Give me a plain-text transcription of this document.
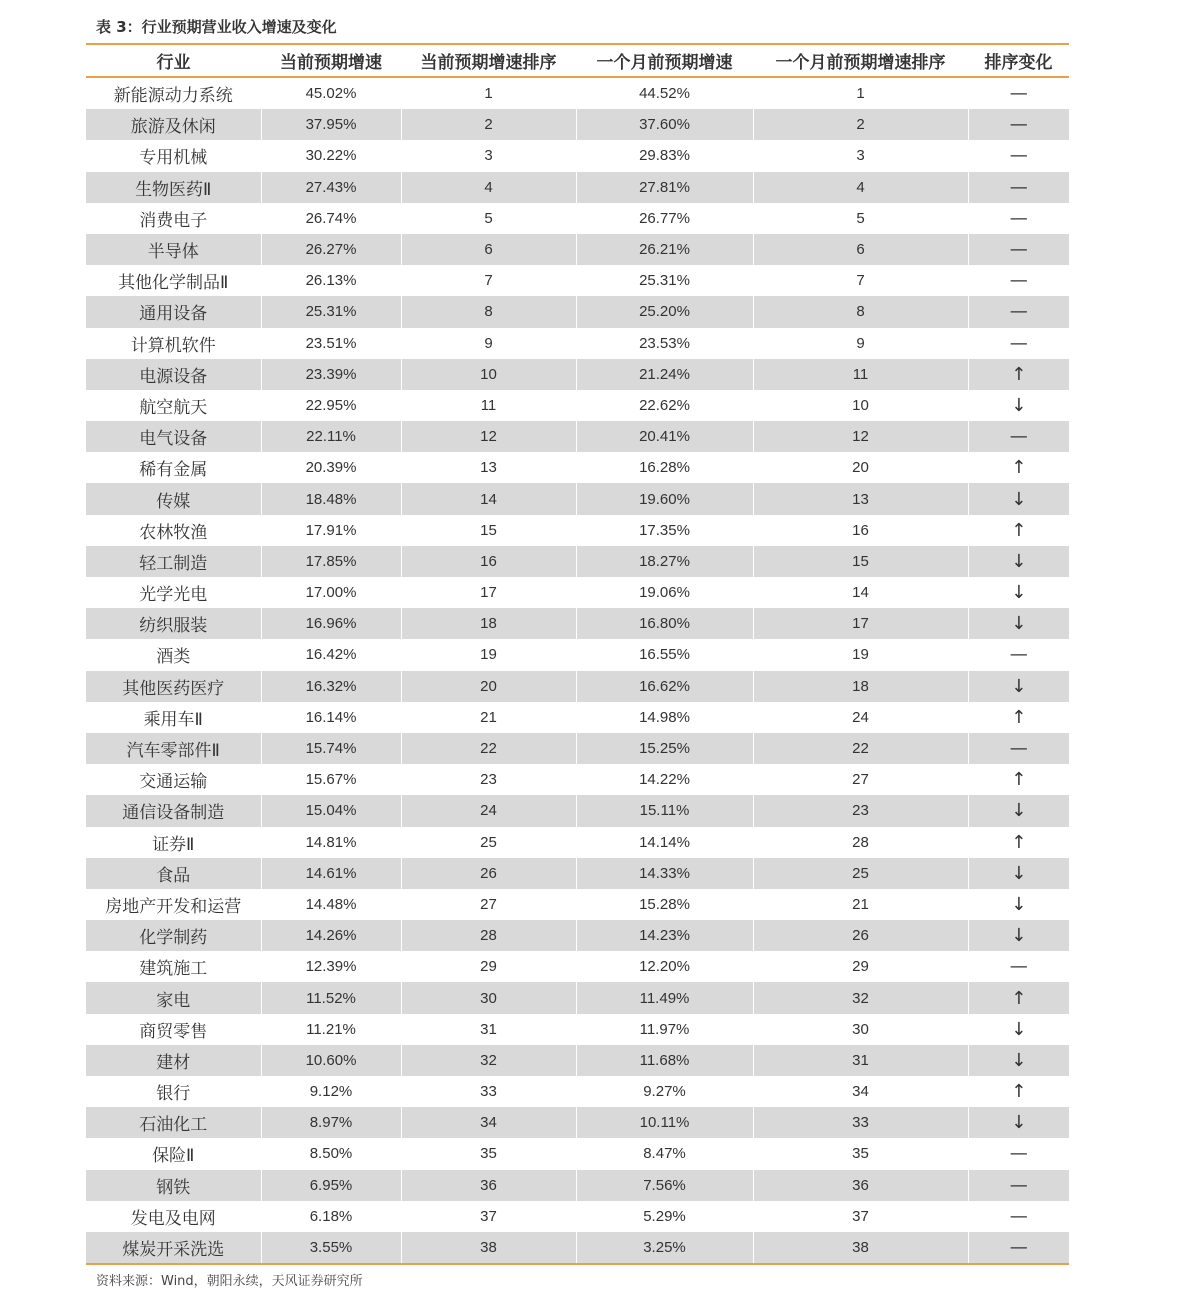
表 3：行业预期营业收入增速及变化
行业	当前预期增速	当前预期增速排序	一个月前预期增速	一个月前预期增速排序	排序变化
新能源动力系统	45.02%	1	44.52%	1	—
旅游及休闲	37.95%	2	37.60%	2	—
专用机械	30.22%	3	29.83%	3	—
生物医药Ⅱ	27.43%	4	27.81%	4	—
消费电子	26.74%	5	26.77%	5	—
半导体	26.27%	6	26.21%	6	—
其他化学制品Ⅱ	26.13%	7	25.31%	7	—
通用设备	25.31%	8	25.20%	8	—
计算机软件	23.51%	9	23.53%	9	—
电源设备	23.39%	10	21.24%	11	↑
航空航天	22.95%	11	22.62%	10	↓
电气设备	22.11%	12	20.41%	12	—
稀有金属	20.39%	13	16.28%	20	↑
传媒	18.48%	14	19.60%	13	↓
农林牧渔	17.91%	15	17.35%	16	↑
轻工制造	17.85%	16	18.27%	15	↓
光学光电	17.00%	17	19.06%	14	↓
纺织服装	16.96%	18	16.80%	17	↓
酒类	16.42%	19	16.55%	19	—
其他医药医疗	16.32%	20	16.62%	18	↓
乘用车Ⅱ	16.14%	21	14.98%	24	↑
汽车零部件Ⅱ	15.74%	22	15.25%	22	—
交通运输	15.67%	23	14.22%	27	↑
通信设备制造	15.04%	24	15.11%	23	↓
证券Ⅱ	14.81%	25	14.14%	28	↑
食品	14.61%	26	14.33%	25	↓
房地产开发和运营	14.48%	27	15.28%	21	↓
化学制药	14.26%	28	14.23%	26	↓
建筑施工	12.39%	29	12.20%	29	—
家电	11.52%	30	11.49%	32	↑
商贸零售	11.21%	31	11.97%	30	↓
建材	10.60%	32	11.68%	31	↓
银行	9.12%	33	9.27%	34	↑
石油化工	8.97%	34	10.11%	33	↓
保险Ⅱ	8.50%	35	8.47%	35	—
钢铁	6.95%	36	7.56%	36	—
发电及电网	6.18%	37	5.29%	37	—
煤炭开采洗选	3.55%	38	3.25%	38	—
资料来源：Wind，朝阳永续，天风证券研究所
